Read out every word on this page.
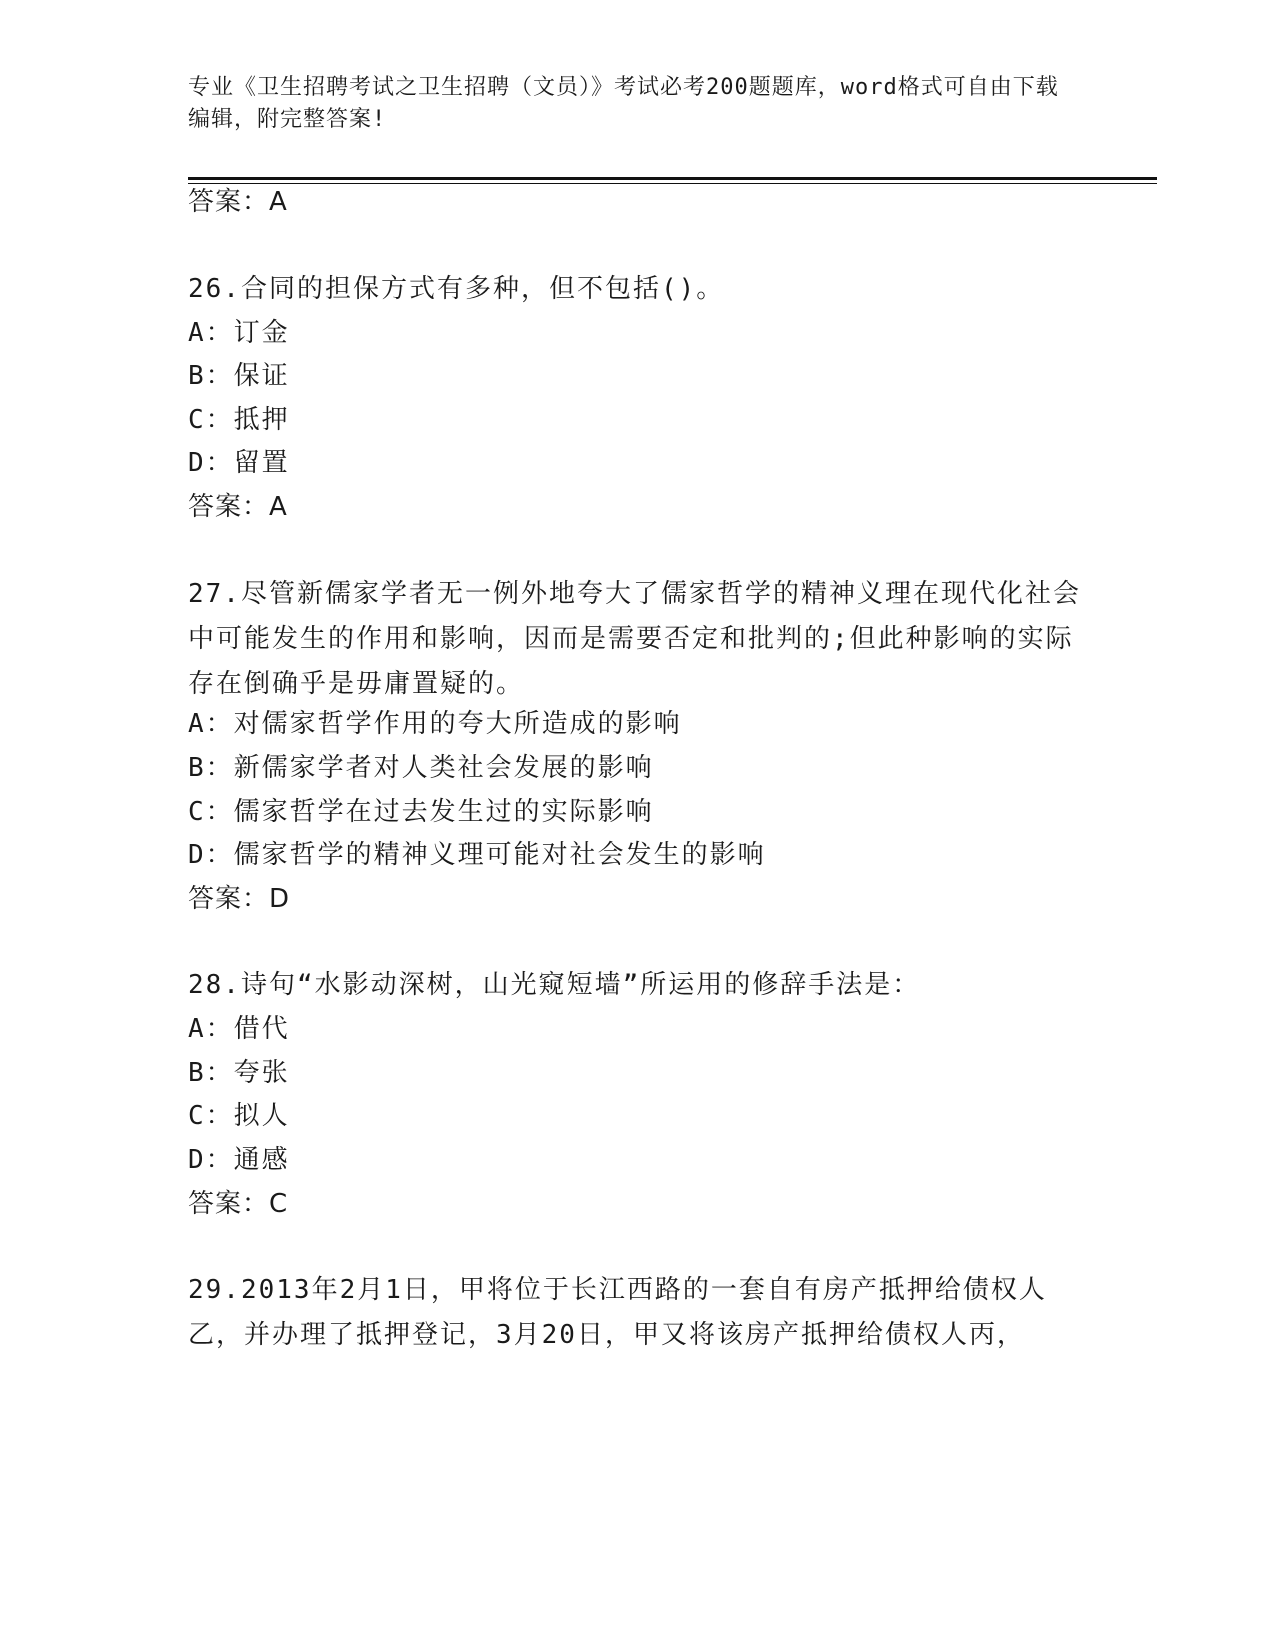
专业《卫生招聘考试之卫生招聘（文员）》考试必考200题题库，word格式可自由下载编辑，附完整答案!
答案：A
26.合同的担保方式有多种，但不包括()。
A：订金
B：保证
C：抵押
D：留置
答案：A
27.尽管新儒家学者无一例外地夸大了儒家哲学的精神义理在现代化社会中可能发生的作用和影响，因而是需要否定和批判的;但此种影响的实际存在倒确乎是毋庸置疑的。
A：对儒家哲学作用的夸大所造成的影响
B：新儒家学者对人类社会发展的影响
C：儒家哲学在过去发生过的实际影响
D：儒家哲学的精神义理可能对社会发生的影响
答案：D
28.诗句“水影动深树，山光窥短墙”所运用的修辞手法是：
A：借代
B：夸张
C：拟人
D：通感
答案：C
29.2013年2月1日，甲将位于长江西路的一套自有房产抵押给债权人乙，并办理了抵押登记，3月20日，甲又将该房产抵押给债权人丙，
